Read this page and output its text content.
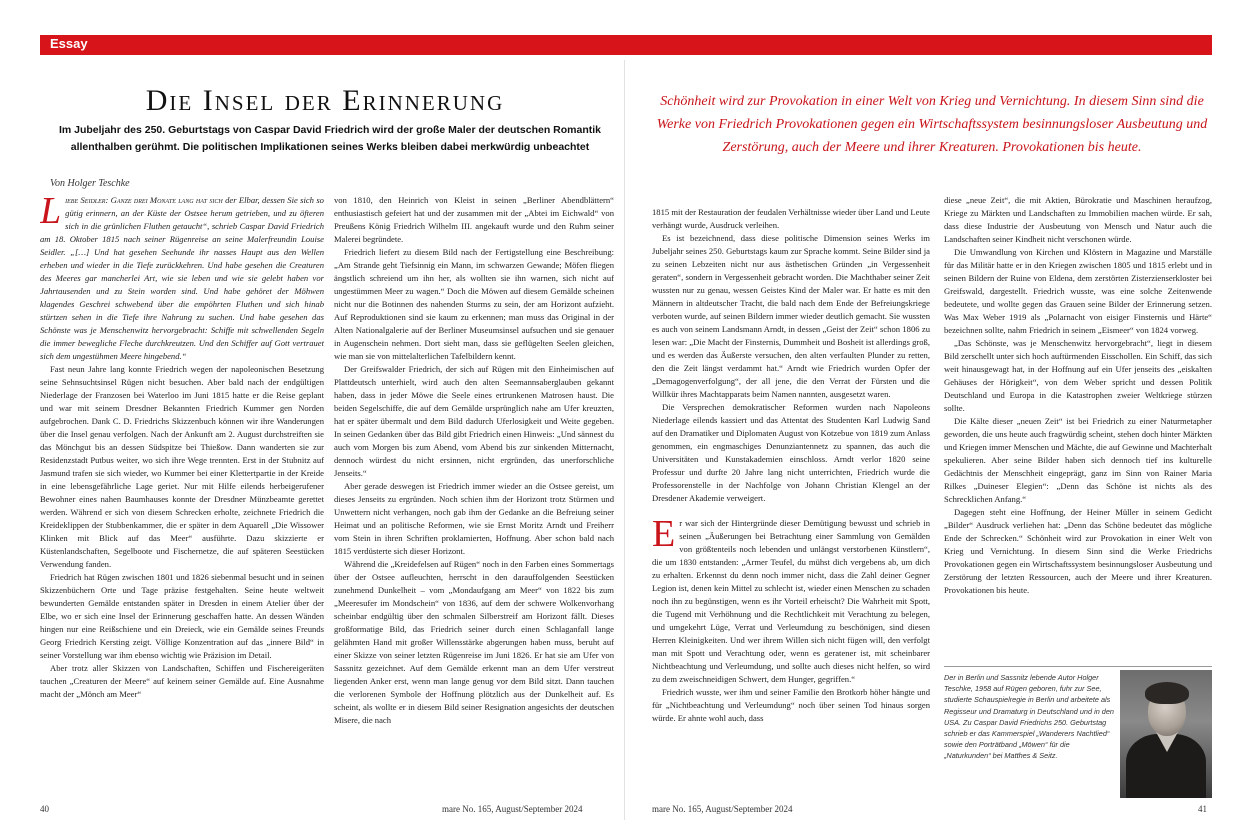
Essay
Die Insel der Erinnerung
Im Jubeljahr des 250. Geburtstags von Caspar David Friedrich wird der große Maler der deutschen Romantik allenthalben gerühmt. Die politischen Implikationen seines Werks bleiben dabei merkwürdig unbeachtet
Von Holger Teschke

Liebe Seidler: Ganze drei Monate lang hat sich der Elbar, dessen Sie sich so gütig erinnern, an der Küste der Ostsee herum getrieben, und zu öfteren sich in die grünlichen Fluthen getaucht“, schrieb Caspar David Friedrich am 18. Oktober 1815 nach seiner Rügenreise an seine Malerfreundin Louise Seidler. „[…] Und hat gesehen Seehunde ihr nasses Haupt aus den Wellen erheben und wieder in die Tiefe zurückkehren. Und habe gesehen die Creaturen des Meeres gar mancherlei Art, wie sie leben und wie sie gelebt haben vor Jahrtausenden und zu Stein worden sind. Und habe gehöret der Möhwen klagendes Geschrei schwebend über die empöhrten Fluthen und sich hinab stürtzen sehen in die Tiefe ihre Nahrung zu suchen. Und habe gesehen das Schönste was je Menschenwitz hervorgebracht: Schiffe mit schwellenden Segeln die immer bewegliche Fleche durchkreutzen. Und den Schiffer auf Gott vertrauet sich dem ungestühmen Meere hingebend.“

Fast neun Jahre lang konnte Friedrich wegen der napoleonischen Besetzung seine Sehnsuchtsinsel Rügen nicht besuchen. Aber bald nach der endgültigen Niederlage der Franzosen bei Waterloo im Juni 1815 hatte er die Reise geplant und war mit seinem Dresdner Bekannten Friedrich Kummer gen Norden aufgebrochen. Dank C. D. Friedrichs Skizzenbuch können wir ihre Wanderungen über die Insel genau verfolgen. Nach der Ankunft am 2. August durchstreiften sie das Mönchgut bis an dessen Südspitze bei Thießow. Dann wanderten sie zur Residenzstadt Putbus weiter, wo sich ihre Wege trennten. Erst in der Stubnitz auf Jasmund trafen sie sich wieder, wo Kummer bei einer Klettertpartie in der Kreide in eine lebensgefährliche Lage geriet. Nur mit Hilfe eilends herbeigerufener Bewohner eines nahen Baumhauses konnte der Dresdner Münzbeamte gerettet werden. Während er sich von diesem Schrecken erholte, zeichnete Friedrich die Kreideklippen der Stubbenkammer, die er später in dem Aquarell „Die Wissower Klinken mit Blick auf das Meer“ ausführte. Dazu skizzierte er Küstenlandschaften, Segelboote und Fischernetze, die auf späteren Seestücken Verwendung fanden.

Friedrich hat Rügen zwischen 1801 und 1826 siebenmal besucht und in seinen Skizzenbüchern Orte und Tage präzise festgehalten. Seine heute weltweit bewunderten Gemälde entstanden später in Dresden in einem Atelier über der Elbe, wo er sich eine Insel der Erinnerung geschaffen hatte. An dessen Wänden hingen nur eine Reißschiene und ein Dreieck, wie ein Gemälde seines Freunds Georg Friedrich Kersting zeigt. Völlige Konzentration auf das „innere Bild“ in seiner Vorstellung war ihm ebenso wichtig wie Präzision im Detail.

Aber trotz aller Skizzen von Landschaften, Schiffen und Fischereigeräten tauchen „Creaturen der Meere“ auf keinem seiner Gemälde auf. Eine Ausnahme macht der „Mönch am Meer“

von 1810, den Heinrich von Kleist in seinen „Berliner Abendblättern“ enthusiastisch gefeiert hat und der zusammen mit der „Abtei im Eichwald“ von Preußens König Friedrich Wilhelm III. angekauft wurde und den Ruhm seiner Malerei begründete.

Friedrich liefert zu diesem Bild nach der Fertigstellung eine Beschreibung: „Am Strande geht Tiefsinnig ein Mann, im schwarzen Gewande; Möfen fliegen ängstlich schreiend um ihn her, als wollten sie ihn warnen, sich nicht auf ungestümmen Meer zu wagen.“ Doch die Möwen auf diesem Gemälde scheinen nicht nur die Botinnen des nahenden Sturms zu sein, der am Horizont aufzieht. Auf Reproduktionen sind sie kaum zu erkennen; man muss das Original in der Alten Nationalgalerie auf der Berliner Museumsinsel aufsuchen und sie genauer in Augenschein nehmen. Dort sieht man, dass sie geflügelten Seelen gleichen, wie man sie von mittelalterlichen Tafelbildern kennt.

Der Greifswalder Friedrich, der sich auf Rügen mit den Einheimischen auf Plattdeutsch unterhielt, wird auch den alten Seemannsaberglauben gekannt haben, dass in jeder Möwe die Seele eines ertrunkenen Matrosen haust. Die beiden Segelschiffe, die auf dem Gemälde ursprünglich nahe am Ufer kreuzten, hat er später übermalt und dem Bild dadurch Uferlosigkeit und Weite gegeben. In seinen Gedanken über das Bild gibt Friedrich einen Hinweis: „Und sännest du auch vom Morgen bis zum Abend, vom Abend bis zur sinkenden Mitternacht, dennoch würdest du nicht ersinnen, nicht ergründen, das unerforschliche Jenseits.“

Aber gerade deswegen ist Friedrich immer wieder an die Ostsee gereist, um dieses Jenseits zu ergründen. Noch schien ihm der Horizont trotz Stürmen und Unwettern nicht verhangen, noch gab ihm der Gedanke an die Befreiung seiner Heimat und an politische Reformen, wie sie Ernst Moritz Arndt und Freiherr vom Stein in ihren Schriften proklamierten, Hoffnung. Aber schon bald nach 1815 verdüsterte sich dieser Horizont.

Während die „Kreidefelsen auf Rügen“ noch in den Farben eines Sommertags über der Ostsee aufleuchten, herrscht in den darauffolgenden Seestücken zunehmend Dunkelheit – vom „Mondaufgang am Meer“ von 1822 bis zum „Meeresufer im Mondschein“ von 1836, auf dem der schwere Wolkenvorhang scheinbar endgültig über den schmalen Silberstreif am Horizont fällt. Dieses großformatige Bild, das Friedrich seiner durch einen Schlaganfall lange gelähmten Hand mit großer Willensstärke abgerungen haben muss, beruht auf einer Skizze von seiner letzten Rügenreise im Juni 1826. Er hat sie am Ufer von Sassnitz gezeichnet. Auf dem Gemälde erkennt man an dem Ufer verstreut liegenden Anker erst, wenn man lange genug vor dem Bild sitzt. Dann tauchen die verlorenen Symbole der Hoffnung plötzlich aus der Dunkelheit auf. Es scheint, als wollte er in diesem Bild seiner Resignation angesichts der deutschen Misere, die nach

Schönheit wird zur Provokation in einer Welt von Krieg und Vernichtung. In diesem Sinn sind die Werke von Friedrich Provokationen gegen ein Wirtschaftssystem besinnungsloser Ausbeutung und Zerstörung, auch der Meere und ihrer Kreaturen. Provokationen bis heute.

1815 mit der Restauration der feudalen Verhältnisse wieder über Land und Leute verhängt wurde, Ausdruck verleihen.

Es ist bezeichnend, dass diese politische Dimension seines Werks im Jubeljahr seines 250. Geburtstags kaum zur Sprache kommt. Seine Bilder sind ja zu seinen Lebzeiten nicht nur aus ästhetischen Gründen „in Vergessenheit geraten“, sondern in Vergessenheit gebracht worden. Die Machthaber seiner Zeit wussten nur zu genau, wessen Geistes Kind der Maler war. Er hatte es mit den Männern in altdeutscher Tracht, die bald nach dem Ende der Befreiungskriege verboten wurde, auf seinen Bildern immer wieder deutlich gemacht. Sie wussten es auch von seinem Landsmann Arndt, in dessen „Geist der Zeit“ schon 1806 zu lesen war: „Die Macht der Finsternis, Dummheit und Bosheit ist allerdings groß, und es werden das Äußerste versuchen, den alten verfaulten Plunder zu retten, den die Zeit längst verdammt hat.“ Arndt wie Friedrich wurden Opfer der „Demagogenverfolgung“, der all jene, die den Verrat der Fürsten und die Willkür ihres Machtapparats beim Namen nannten, ausgesetzt waren.

Die Versprechen demokratischer Reformen wurden nach Napoleons Niederlage eilends kassiert und das Attentat des Studenten Karl Ludwig Sand auf den Dramatiker und Diplomaten August von Kotzebue von 1819 zum Anlass genommen, ein engmaschiges Denunziantennetz zu spannen, das auch die Universitäten und Kunstakademien einschloss. Arndt verlor 1820 seine Professur und durfte 20 Jahre lang nicht unterrichten, Friedrich wurde die Professorenstelle in der Nachfolge von Johann Christian Klengel an der Dresdener Akademie verweigert.

Er war sich der Hintergründe dieser Demütigung bewusst und schrieb in seinen „Äußerungen bei Betrachtung einer Sammlung von Gemälden von größtenteils noch lebenden und unlängst verstorbenen Künstlern“, die um 1830 entstanden: „Armer Teufel, du mühst dich vergebens ab, um dich zu erhalten. Erkennst du denn noch immer nicht, dass die Zahl deiner Gegner Legion ist, denen kein Mittel zu schlecht ist, wieder einen Menschen zu schaden noch ihn zu begünstigen, wenn es ihr Vorteil erheischt? Die Wahrheit mit Spott, die Tugend mit Verhöhnung und die Rechtlichkeit mit Verachtung zu belegen, und umgekehrt Lüge, Verrat und Verleumdung zu beschönigen, sind diesen Herren Kleinigkeiten. Und wer ihrem Willen sich nicht fügen will, den verfolgt man mit Spott und Verachtung oder, wenn es geratener ist, mit scheinbarer Nichtbeachtung und Verleumdung, und sollte auch dieses nicht helfen, so wird zu dem zweischneidigen Schwert, dem Hunger, gegriffen.“

Friedrich wusste, wer ihm und seiner Familie den Brotkorb höher hängte und für „Nichtbeachtung und Verleumdung“ noch über seinen Tod hinaus sorgen würde. Er ahnte wohl auch, dass

diese „neue Zeit“, die mit Aktien, Bürokratie und Maschinen heraufzog, Kriege zu Märkten und Landschaften zu Immobilien machen würde. Er sah, dass diese Industrie der Ausbeutung von Mensch und Natur auch die Landschaften seiner Kindheit nicht verschonen würde.

Die Umwandlung von Kirchen und Klöstern in Magazine und Marställe für das Militär hatte er in den Kriegen zwischen 1805 und 1815 erlebt und in seinen Bildern der Ruine von Eldena, dem zerstörten Zisterzienserkloster bei Greifswald, dargestellt. Friedrich wusste, was eine solche Zeitenwende bedeutete, und wollte gegen das Grauen seine Bilder der Erinnerung setzen. Was Max Weber 1919 als „Polarnacht von eisiger Finsternis und Härte“ bezeichnen sollte, nahm Friedrich in seinem „Eismeer“ von 1824 vorweg.

„Das Schönste, was je Menschenwitz hervorgebracht“, liegt in diesem Bild zerschellt unter sich hoch auftürmenden Eisschollen. Ein Schiff, das sich weit hinausgewagt hat, in der Hoffnung auf ein Ufer jenseits des „eiskalten Gehäuses der Hörigkeit“, von dem Weber spricht und dessen Politik Deutschland und Europa in die Katastrophen zweier Weltkriege stürzen sollte.

Die Kälte dieser „neuen Zeit“ ist bei Friedrich zu einer Naturmetapher geworden, die uns heute auch fragwürdig scheint, stehen doch hinter Märkten und Kriegen immer Menschen und Mächte, die auf Gewinne und Machterhalt spekulieren. Aber seine Bilder haben sich dennoch tief ins kulturelle Gedächtnis der Menschheit eingeprägt, ganz im Sinn von Rainer Maria Rilkes „Duineser Elegien“: „Denn das Schöne ist nichts als des Schrecklichen Anfang.“

Dagegen steht eine Hoffnung, der Heiner Müller in seinem Gedicht „Bilder“ Ausdruck verliehen hat: „Denn das Schöne bedeutet das mögliche Ende der Schrecken.“ Schönheit wird zur Provokation in einer Welt von Krieg und Vernichtung. In diesem Sinn sind die Werke Friedrichs Provokationen gegen ein Wirtschaftssystem besinnungsloser Ausbeutung und Zerstörung der letzten Ressourcen, auch der Meere und ihrer Kreaturen. Provokationen bis heute.

Der in Berlin und Sassnitz lebende Autor Holger Teschke, 1958 auf Rügen geboren, fuhr zur See, studierte Schauspielregie in Berlin und arbeitete als Regisseur und Dramaturg in Deutschland und in den USA. Zu Caspar David Friedrichs 250. Geburtstag schrieb er das Kammerspiel „Wanderers Nachtlied“ sowie den Porträtband „Möwen“ für die „Naturkunden“ bei Matthes & Seitz.
40	mare No. 165, August/September 2024	mare No. 165, August/September 2024	41
